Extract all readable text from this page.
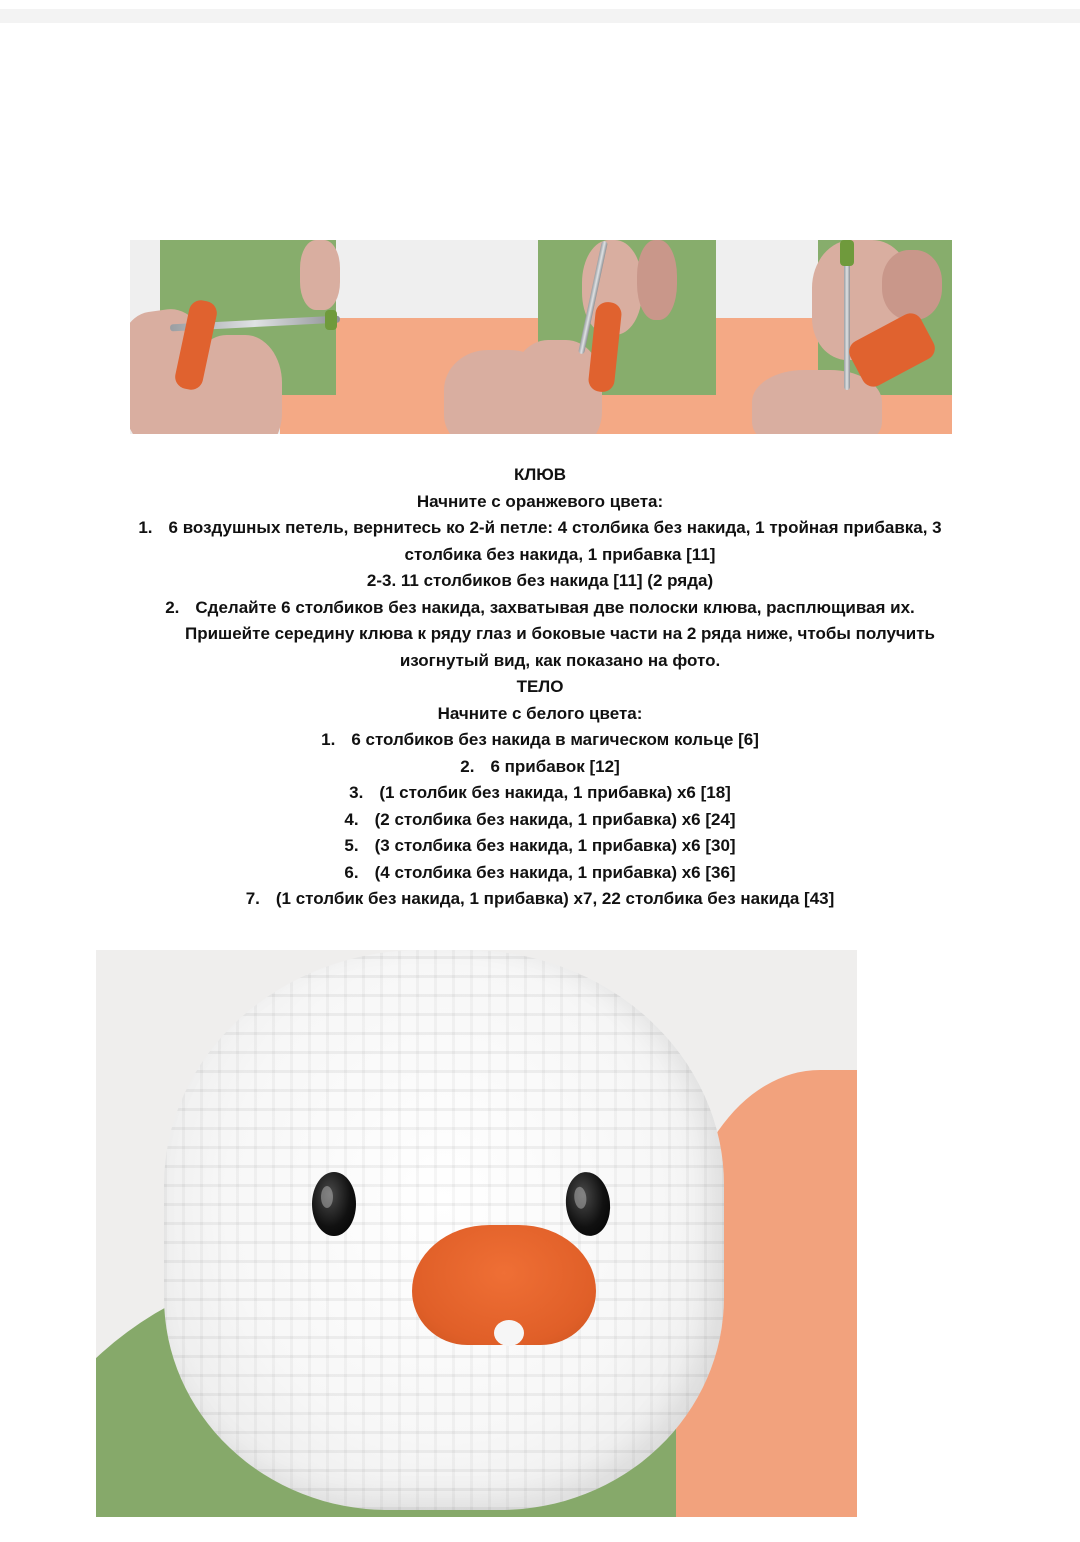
КЛЮВ
Начните с оранжевого цвета:
1. 6 воздушных петель, вернитесь ко 2-й петле: 4 столбика без накида, 1 тройная прибавка, 3
столбика без накида, 1 прибавка [11]
2-3. 11 столбиков без накида [11] (2 ряда)
2. Сделайте 6 столбиков без накида, захватывая две полоски клюва, расплющивая их.
Пришейте середину клюва к ряду глаз и боковые части на 2 ряда ниже, чтобы получить
изогнутый вид, как показано на фото.
ТЕЛО
Начните с белого цвета:
1. 6 столбиков без накида в магическом кольце [6]
2. 6 прибавок [12]
3. (1 столбик без накида, 1 прибавка) x6 [18]
4. (2 столбика без накида, 1 прибавка) x6 [24]
5. (3 столбика без накида, 1 прибавка) x6 [30]
6. (4 столбика без накида, 1 прибавка) x6 [36]
7. (1 столбик без накида, 1 прибавка) x7, 22 столбика без накида [43]
